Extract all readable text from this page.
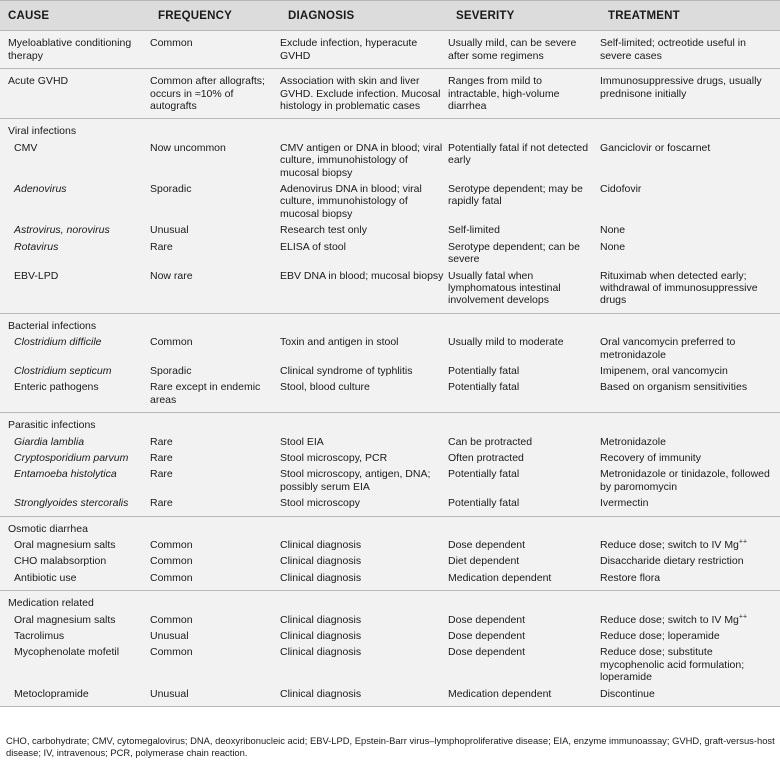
CAUSE	FREQUENCY	DIAGNOSIS	SEVERITY	TREATMENT

Myeloablative conditioning therapy	Common	Exclude infection, hyperacute GVHD	Usually mild, can be severe after some regimens	Self-limited; octreotide useful in severe cases

Acute GVHD	Common after allografts; occurs in ≈10% of autografts	Association with skin and liver GVHD. Exclude infection. Mucosal histology in problematic cases	Ranges from mild to intractable, high-volume diarrhea	Immunosuppressive drugs, usually prednisone initially

Viral infections				
CMV	Now uncommon	CMV antigen or DNA in blood; viral culture, immunohistology of mucosal biopsy	Potentially fatal if not detected early	Ganciclovir or foscarnet
Adenovirus	Sporadic	Adenovirus DNA in blood; viral culture, immunohistology of mucosal biopsy	Serotype dependent; may be rapidly fatal	Cidofovir
Astrovirus, norovirus	Unusual	Research test only	Self-limited	None
Rotavirus	Rare	ELISA of stool	Serotype dependent; can be severe	None
EBV-LPD	Now rare	EBV DNA in blood; mucosal biopsy	Usually fatal when lymphomatous intestinal involvement develops	Rituximab when detected early; withdrawal of immunosuppressive drugs

Bacterial infections				
Clostridium difficile	Common	Toxin and antigen in stool	Usually mild to moderate	Oral vancomycin preferred to metronidazole
Clostridium septicum	Sporadic	Clinical syndrome of typhlitis	Potentially fatal	Imipenem, oral vancomycin
Enteric pathogens	Rare except in endemic areas	Stool, blood culture	Potentially fatal	Based on organism sensitivities

Parasitic infections				
Giardia lamblia	Rare	Stool EIA	Can be protracted	Metronidazole
Cryptosporidium parvum	Rare	Stool microscopy, PCR	Often protracted	Recovery of immunity
Entamoeba histolytica	Rare	Stool microscopy, antigen, DNA; possibly serum EIA	Potentially fatal	Metronidazole or tinidazole, followed by paromomycin
Stronglyoides stercoralis	Rare	Stool microscopy	Potentially fatal	Ivermectin

Osmotic diarrhea				
Oral magnesium salts	Common	Clinical diagnosis	Dose dependent	Reduce dose; switch to IV Mg++
CHO malabsorption	Common	Clinical diagnosis	Diet dependent	Disaccharide dietary restriction
Antibiotic use	Common	Clinical diagnosis	Medication dependent	Restore flora

Medication related				
Oral magnesium salts	Common	Clinical diagnosis	Dose dependent	Reduce dose; switch to IV Mg++
Tacrolimus	Unusual	Clinical diagnosis	Dose dependent	Reduce dose; loperamide
Mycophenolate mofetil	Common	Clinical diagnosis	Dose dependent	Reduce dose; substitute mycophenolic acid formulation; loperamide
Metoclopramide	Unusual	Clinical diagnosis	Medication dependent	Discontinue

CHO, carbohydrate; CMV, cytomegalovirus; DNA, deoxyribonucleic acid; EBV-LPD, Epstein-Barr virus–lymphoproliferative disease; EIA, enzyme immunoassay; GVHD, graft-versus-host disease; IV, intravenous; PCR, polymerase chain reaction.
